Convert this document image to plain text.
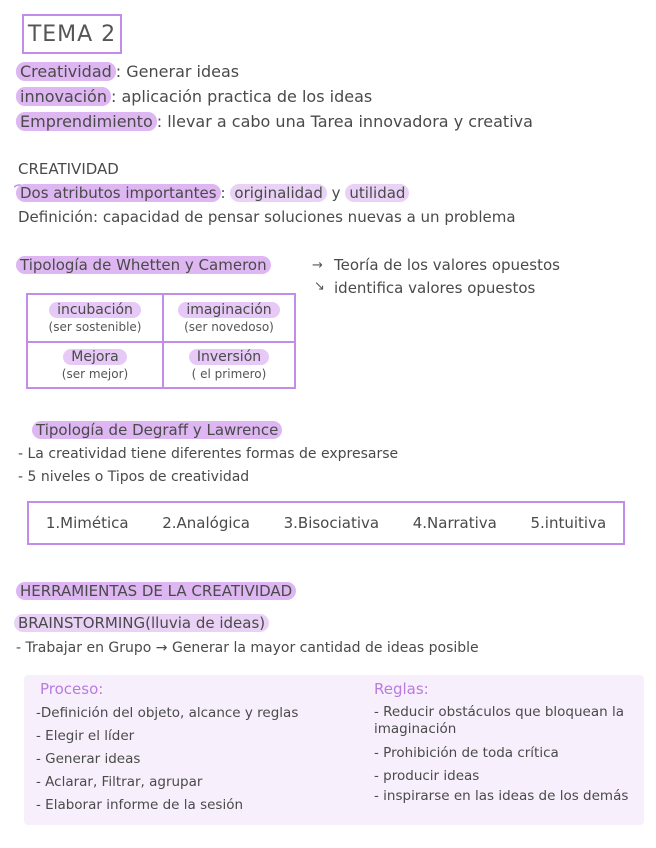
TEMA 2
Creatividad : Generar ideas
innovación : aplicación practica de los ideas
Emprendimiento : llevar a cabo una Tarea innovadora y creativa
CREATIVIDAD
Dos atributos importantes : originalidad y utilidad
Definición: capacidad de pensar soluciones nuevas a un problema
Tipología de Whetten y Cameron	→ Teoría de los valores opuestos
↘ identifica valores opuestos
incubación
(ser sostenible)
imaginación
(ser novedoso)
Mejora
(ser mejor)
Inversión
( el primero)
Tipología de Degraff y Lawrence
- La creatividad tiene diferentes formas de expresarse
- 5 niveles o Tipos de creatividad
1.Mimética 2.Analógica 3.Bisociativa 4.Narrativa 5.intuitiva
HERRAMIENTAS DE LA CREATIVIDAD
BRAINSTORMING(lluvia de ideas)
- Trabajar en Grupo → Generar la mayor cantidad de ideas posible
Proceso:
-Definición del objeto, alcance y reglas
- Elegir el líder
- Generar ideas
- Aclarar, Filtrar, agrupar
- Elaborar informe de la sesión
Reglas:
- Reducir obstáculos que bloquean la imaginación
- Prohibición de toda crítica
- producir ideas
- inspirarse en las ideas de los demás
